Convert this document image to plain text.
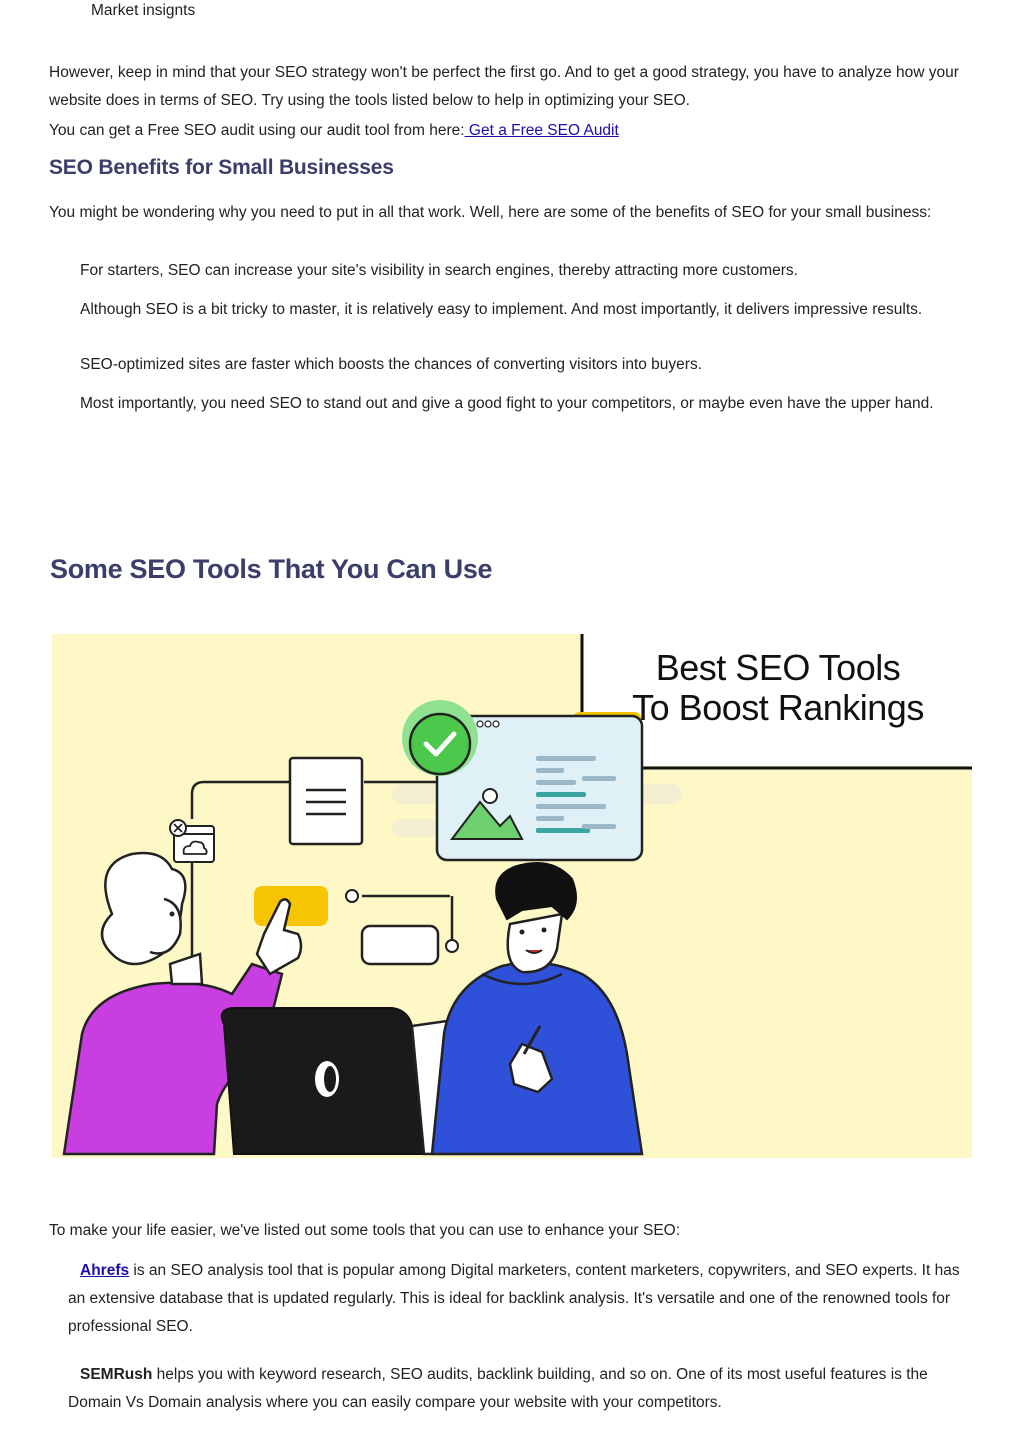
Market insignts
However, keep in mind that your SEO strategy won't be perfect the first go. And to get a good strategy, you have to analyze how your website does in terms of SEO. Try using the tools listed below to help in optimizing your SEO.
You can get a Free SEO audit using our audit tool from here: Get a Free SEO Audit
SEO Benefits for Small Businesses
You might be wondering why you need to put in all that work. Well, here are some of the benefits of SEO for your small business:
For starters, SEO can increase your site's visibility in search engines, thereby attracting more customers.
Although SEO is a bit tricky to master, it is relatively easy to implement. And most importantly, it delivers impressive results.
SEO-optimized sites are faster which boosts the chances of converting visitors into buyers.
Most importantly, you need SEO to stand out and give a good fight to your competitors, or maybe even have the upper hand.
Some SEO Tools That You Can Use
Best SEO Tools
To Boost Rankings
To make your life easier, we've listed out some tools that you can use to enhance your SEO:
Ahrefs is an SEO analysis tool that is popular among Digital marketers, content marketers, copywriters, and SEO experts. It has an extensive database that is updated regularly. This is ideal for backlink analysis. It's versatile and one of the renowned tools for professional SEO.
SEMRush helps you with keyword research, SEO audits, backlink building, and so on. One of its most useful features is the Domain Vs Domain analysis where you can easily compare your website with your competitors.
